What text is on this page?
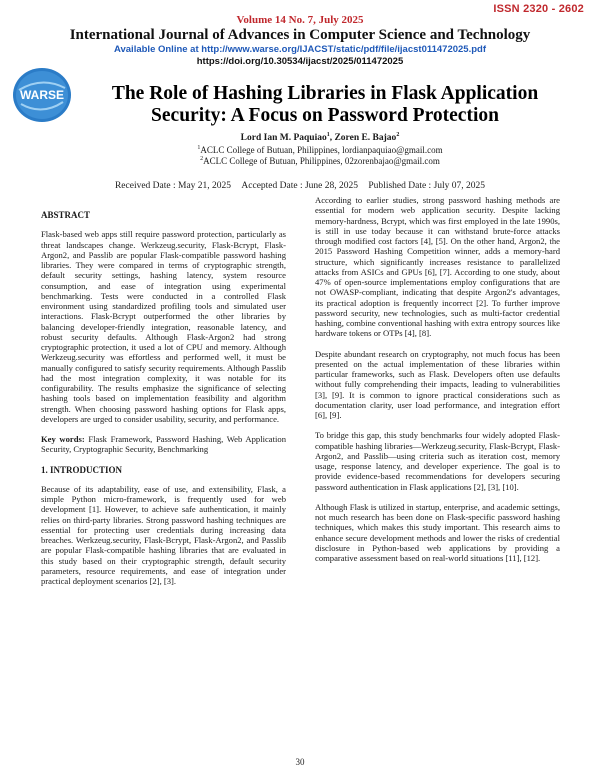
ISSN 2320 - 2602
Volume 14 No. 7, July 2025
International Journal of Advances in Computer Science and Technology
Available Online at http://www.warse.org/IJACST/static/pdf/file/ijacst011472025.pdf
https://doi.org/10.30534/ijacst/2025/011472025
WARSE	The Role of Hashing Libraries in Flask Application
Security: A Focus on Password Protection
Lord Ian M. Paquiao$^1$, Zoren E. Bajao$^2$
$^1$ACLC College of Butuan, Philippines, lordianpaquiao@gmail.com
$^2$ACLC College of Butuan, Philippines, 02zorenbajao@gmail.com
Received Date : May 21, 2025 Accepted Date : June 28, 2025 Published Date : July 07, 2025
ABSTRACT

Flask-based web apps still require password protection, particularly as threat landscapes change. Werkzeug.security, Flask-Bcrypt, Flask-Argon2, and Passlib are popular Flask-compatible password hashing libraries. They were compared in terms of cryptographic strength, default security settings, hashing latency, system resource consumption, and ease of integration using experimental benchmarking. Tests were conducted in a controlled Flask environment using standardized profiling tools and simulated user interactions. Flask-Bcrypt outperformed the other libraries by balancing developer-friendly integration, reasonable latency, and robust security defaults. Although Flask-Argon2 had strong cryptographic protection, it used a lot of CPU and memory. Although Werkzeug.security was effortless and performed well, it must be manually configured to satisfy security requirements. Although Passlib had the most integration complexity, it was notable for its configurability. The results emphasize the significance of selecting hashing tools based on implementation feasibility and algorithm strength. When choosing password hashing options for Flask apps, developers are urged to consider usability, security, and performance.

Key words: Flask Framework, Password Hashing, Web Application Security, Cryptographic Security, Benchmarking

1. INTRODUCTION

Because of its adaptability, ease of use, and extensibility, Flask, a simple Python micro-framework, is frequently used for web development [1]. However, to achieve safe authentication, it mainly relies on third-party libraries. Strong password hashing techniques are essential for protecting user credentials during increasing data breaches. Werkzeug.security, Flask-Bcrypt, Flask-Argon2, and Passlib are popular Flask-compatible hashing libraries that are evaluated in this study based on their cryptographic strength, default security parameters, resource requirements, and ease of integration under practical deployment scenarios [2], [3].

According to earlier studies, strong password hashing methods are essential for modern web application security. Despite lacking memory-hardness, Bcrypt, which was first employed in the late 1990s, is still in use today because it can withstand brute-force attacks through modified cost factors [4], [5]. On the other hand, Argon2, the 2015 Password Hashing Competition winner, adds a memory-hard structure, which significantly increases resistance to parallelized attacks from ASICs and GPUs [6], [7]. According to one study, about 47% of open-source implementations employ configurations that are not OWASP-compliant, indicating that despite Argon2's advantages, its practical adoption is frequently incorrect [2]. To further improve password security, new technologies, such as multi-factor credential hashing, combine conventional hashing with extra entropy sources like hardware tokens or OTPs [4], [8].

Despite abundant research on cryptography, not much focus has been presented on the actual implementation of these libraries within particular frameworks, such as Flask. Developers often use defaults without fully comprehending their impacts, leading to vulnerabilities [3], [9]. It is common to ignore practical considerations such as documentation clarity, user load performance, and integration effort [6], [9].

To bridge this gap, this study benchmarks four widely adopted Flask-compatible hashing libraries—Werkzeug.security, Flask-Bcrypt, Flask-Argon2, and Passlib—using criteria such as iteration cost, memory usage, response latency, and developer experience. The goal is to provide evidence-based recommendations for developers securing password authentication in Flask applications [2], [3], [10].

Although Flask is utilized in startup, enterprise, and academic settings, not much research has been done on Flask-specific password hashing techniques, which makes this study important. This research aims to enhance secure development methods and lower the risks of credential disclosure in Python-based web applications by providing a comparative assessment based on real-world situations [11], [12].

30
